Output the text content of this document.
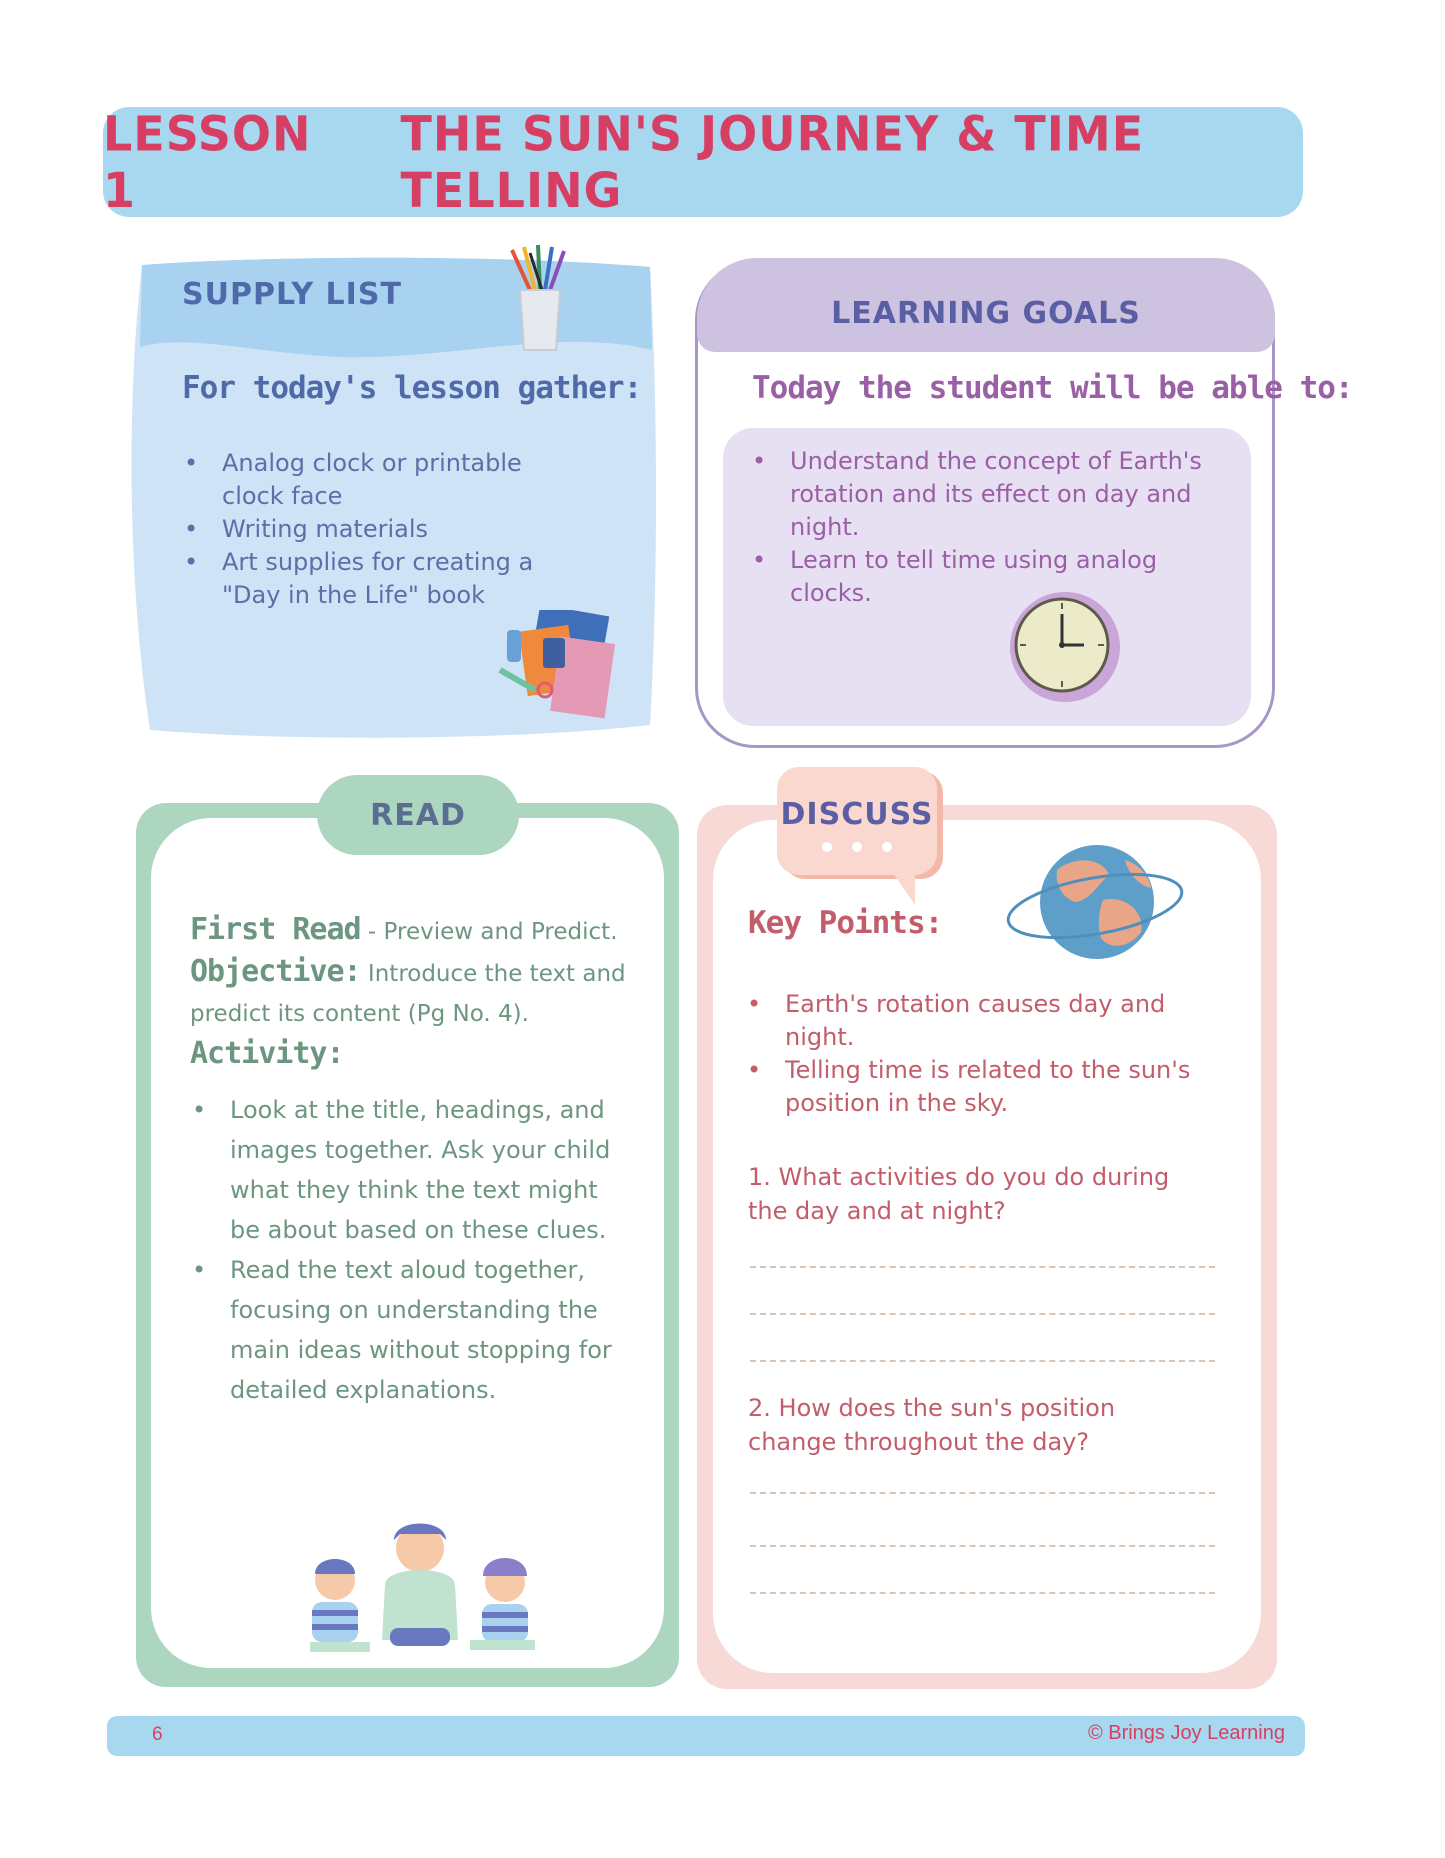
LESSON 1
THE SUN'S JOURNEY & TIME TELLING
SUPPLY LIST
For today's lesson gather:
• Analog clock or printable clock face
• Writing materials
• Art supplies for creating a "Day in the Life" book
LEARNING GOALS
Today the student will be able to:
• Understand the concept of Earth's rotation and its effect on day and night.
• Learn to tell time using analog clocks.
READ
First Read - Preview and Predict.
Objective: Introduce the text and predict its content (Pg No. 4).
Activity:
• Look at the title, headings, and images together. Ask your child what they think the text might be about based on these clues.
• Read the text aloud together, focusing on understanding the main ideas without stopping for detailed explanations.
DISCUSS
Key Points:
• Earth's rotation causes day and night.
• Telling time is related to the sun's position in the sky.
1. What activities do you do during the day and at night?
2. How does the sun's position change throughout the day?
6	© Brings Joy Learning
